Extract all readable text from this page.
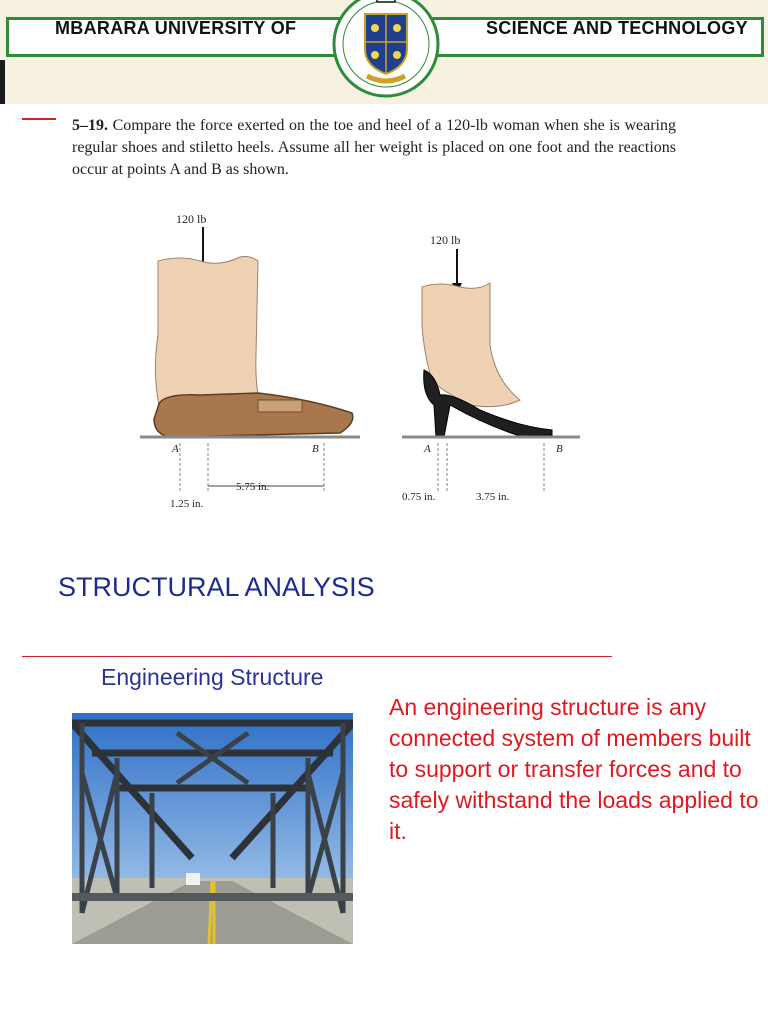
MBARARA UNIVERSITY OF	SCIENCE AND TECHNOLOGY
5–19. Compare the force exerted on the toe and heel of a 120-lb woman when she is wearing regular shoes and stiletto heels. Assume all her weight is placed on one foot and the reactions occur at points A and B as shown.
120 lb
A	B
5.75 in.
1.25 in.
120 lb
A	B
0.75 in.	3.75 in.
STRUCTURAL ANALYSIS
Engineering Structure
An engineering structure is any connected system of members built to support or transfer forces and to safely withstand the loads applied to it.
